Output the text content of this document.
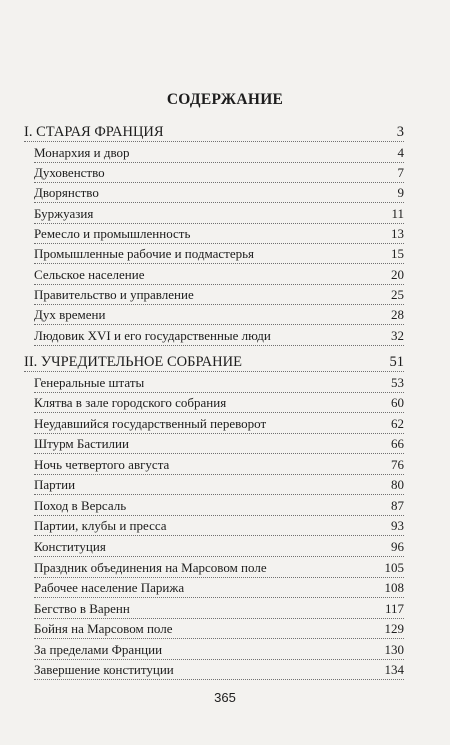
СОДЕРЖАНИЕ
I. СТАРАЯ ФРАНЦИЯ	3
Монархия и двор	4
Духовенство	7
Дворянство	9
Буржуазия	11
Ремесло и промышленность	13
Промышленные рабочие и подмастерья	15
Сельское население	20
Правительство и управление	25
Дух времени	28
Людовик XVI и его государственные люди	32
II. УЧРЕДИТЕЛЬНОЕ СОБРАНИЕ	51
Генеральные штаты	53
Клятва в зале городского собрания	60
Неудавшийся государственный переворот	62
Штурм Бастилии	66
Ночь четвертого августа	76
Партии	80
Поход в Версаль	87
Партии, клубы и пресса	93
Конституция	96
Праздник объединения на Марсовом поле	105
Рабочее население Парижа	108
Бегство в Варенн	117
Бойня на Марсовом поле	129
За пределами Франции	130
Завершение конституции	134
365
